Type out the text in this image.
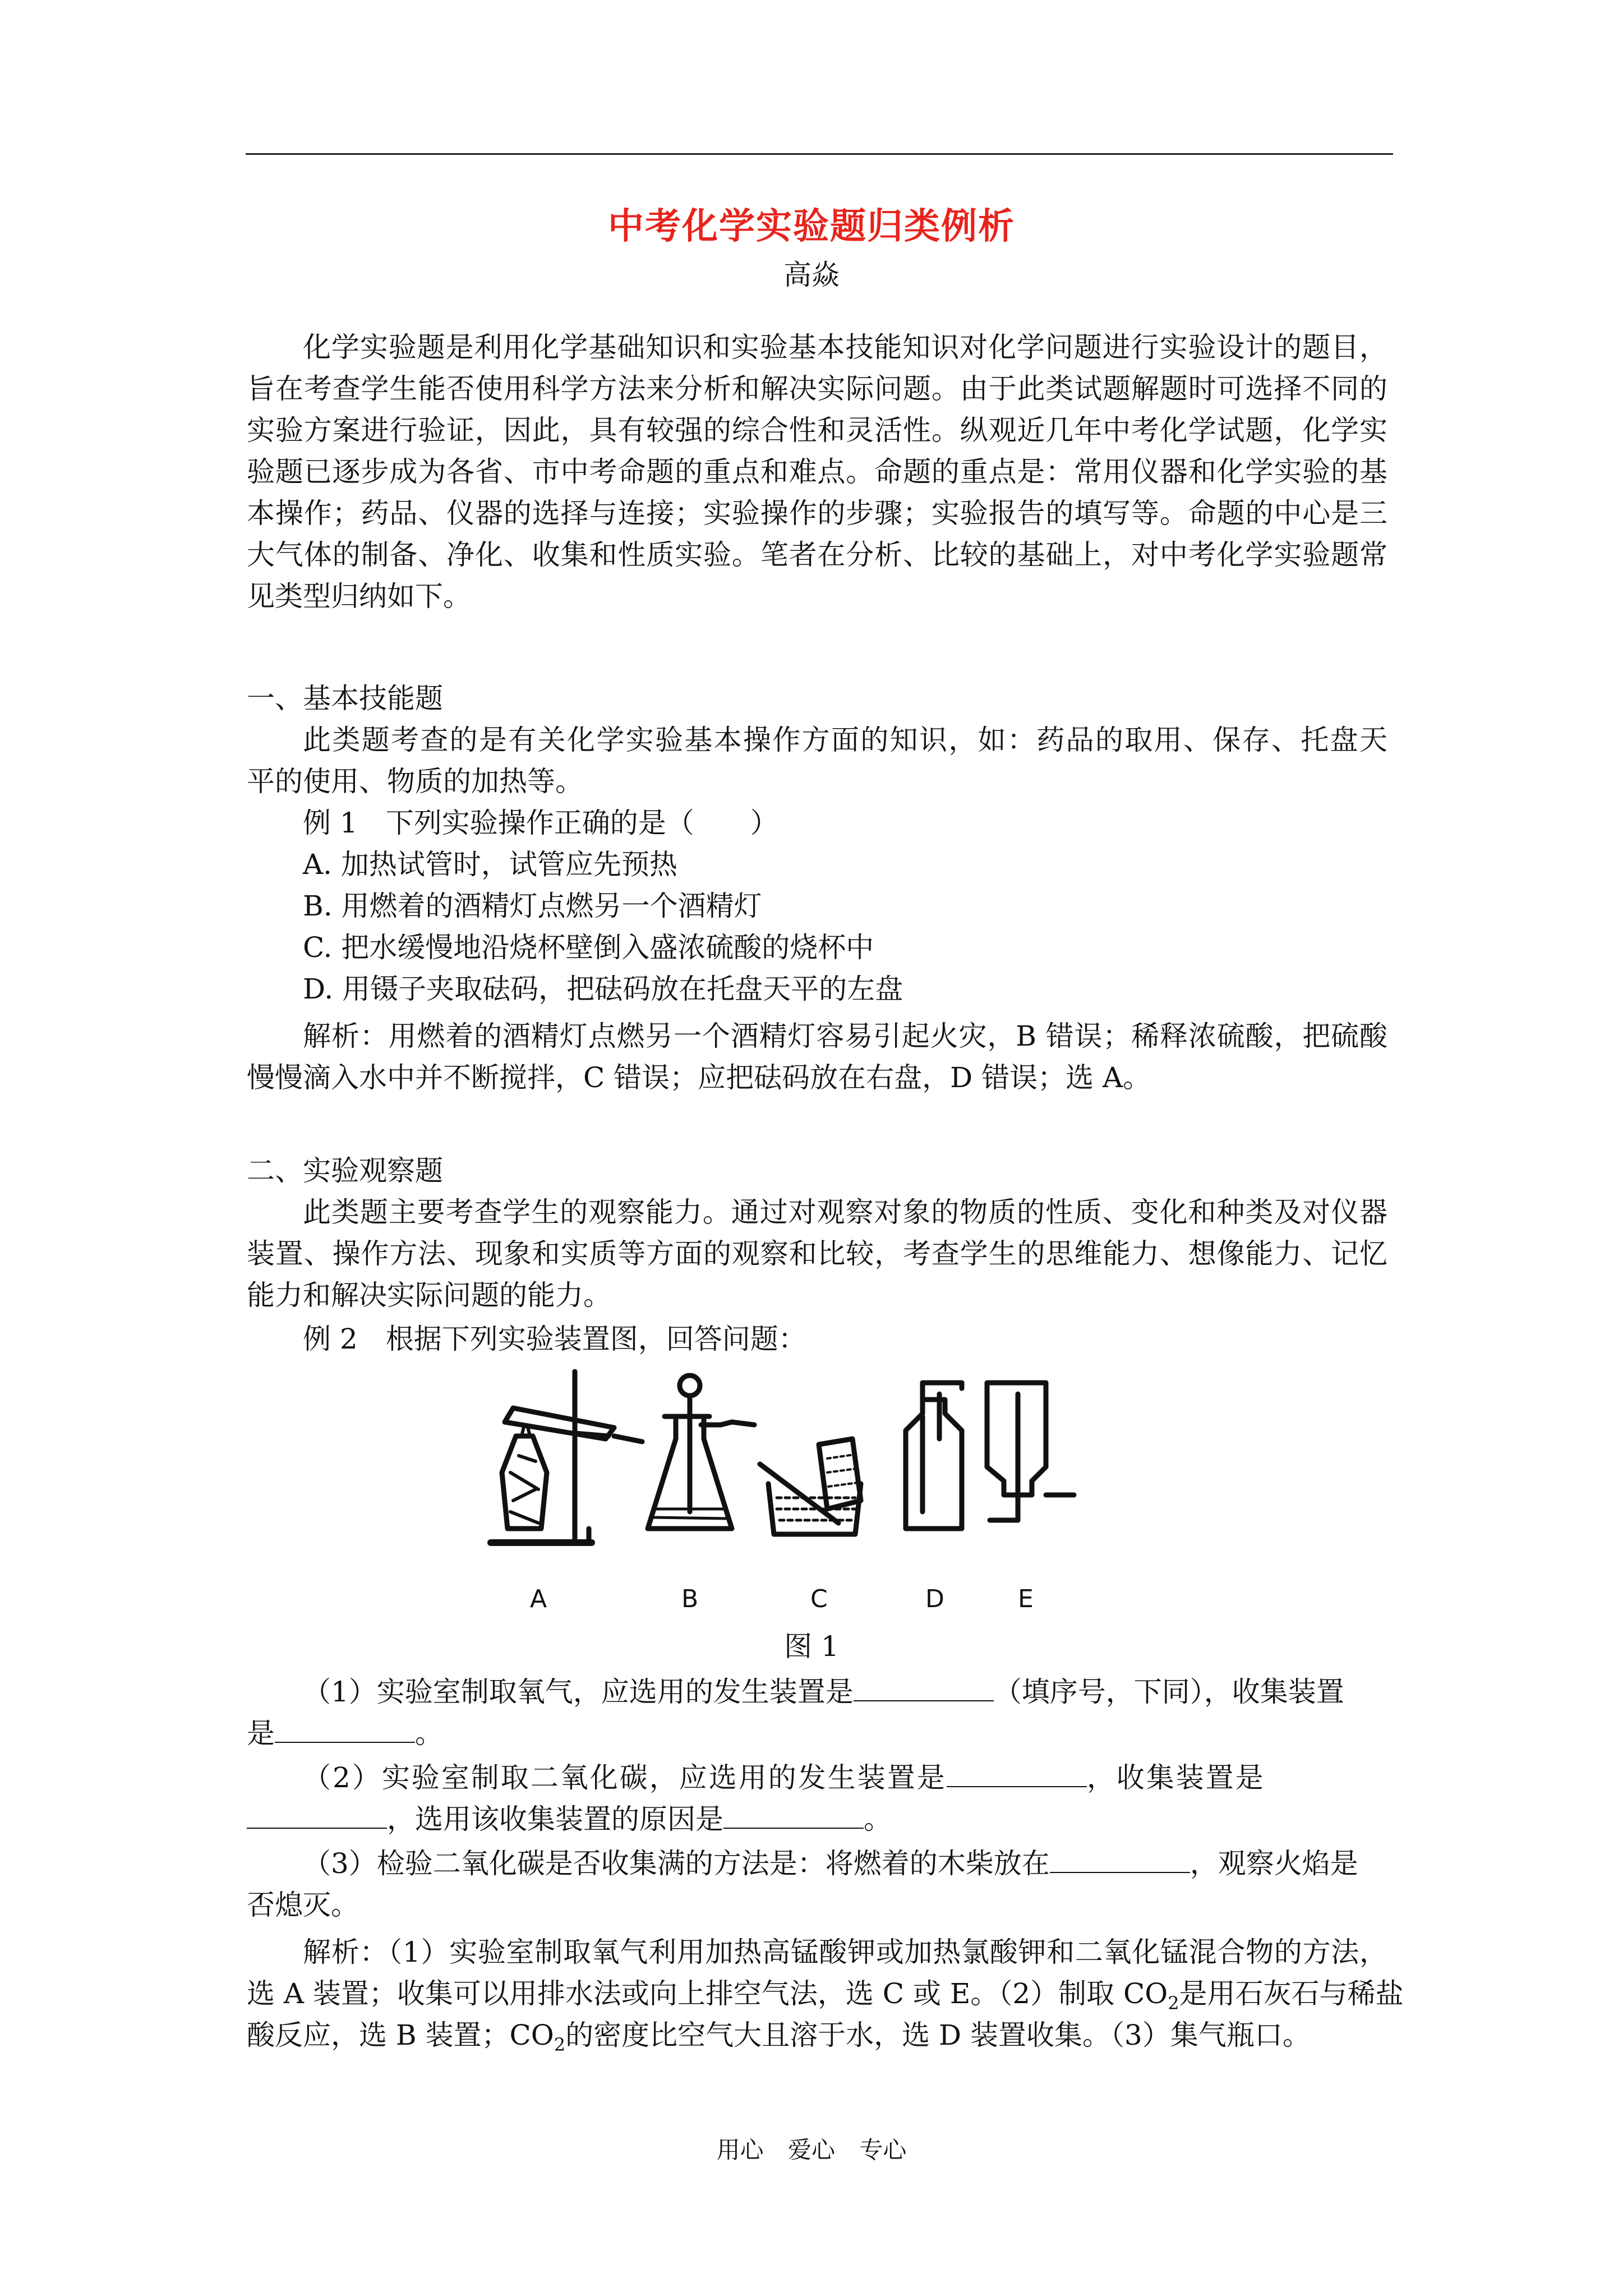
中考化学实验题归类例析
高焱
化学实验题是利用化学基础知识和实验基本技能知识对化学问题进行实验设计的题目，
旨在考查学生能否使用科学方法来分析和解决实际问题。由于此类试题解题时可选择不同的
实验方案进行验证，因此，具有较强的综合性和灵活性。纵观近几年中考化学试题，化学实
验题已逐步成为各省、市中考命题的重点和难点。命题的重点是：常用仪器和化学实验的基
本操作；药品、仪器的选择与连接；实验操作的步骤；实验报告的填写等。命题的中心是三
大气体的制备、净化、收集和性质实验。笔者在分析、比较的基础上，对中考化学实验题常
见类型归纳如下。
一、基本技能题
此类题考查的是有关化学实验基本操作方面的知识，如：药品的取用、保存、托盘天
平的使用、物质的加热等。
例 1　下列实验操作正确的是（　　）
A. 加热试管时，试管应先预热
B. 用燃着的酒精灯点燃另一个酒精灯
C. 把水缓慢地沿烧杯壁倒入盛浓硫酸的烧杯中
D. 用镊子夹取砝码，把砝码放在托盘天平的左盘
解析：用燃着的酒精灯点燃另一个酒精灯容易引起火灾，B 错误；稀释浓硫酸，把硫酸
慢慢滴入水中并不断搅拌，C 错误；应把砝码放在右盘，D 错误；选 A。
二、实验观察题
此类题主要考查学生的观察能力。通过对观察对象的物质的性质、变化和种类及对仪器
装置、操作方法、现象和实质等方面的观察和比较，考查学生的思维能力、想像能力、记忆
能力和解决实际问题的能力。
例 2　根据下列实验装置图，回答问题：
A	B	C	D	E
图 1
（1）实验室制取氧气，应选用的发生装置是	（填序号，下同），收集装置
是	。
（2）实验室制取二氧化碳，应选用的发生装置是	，收集装置是
，选用该收集装置的原因是	。
（3）检验二氧化碳是否收集满的方法是：将燃着的木柴放在	，观察火焰是
否熄灭。
解析：（1）实验室制取氧气利用加热高锰酸钾或加热氯酸钾和二氧化锰混合物的方法，
选 A 装置；收集可以用排水法或向上排空气法，选 C 或 E。（2）制取 $CO_2$是用石灰石与稀盐
酸反应，选 B 装置；$CO_2$的密度比空气大且溶于水，选 D 装置收集。（3）集气瓶口。
用心 爱心 专心
